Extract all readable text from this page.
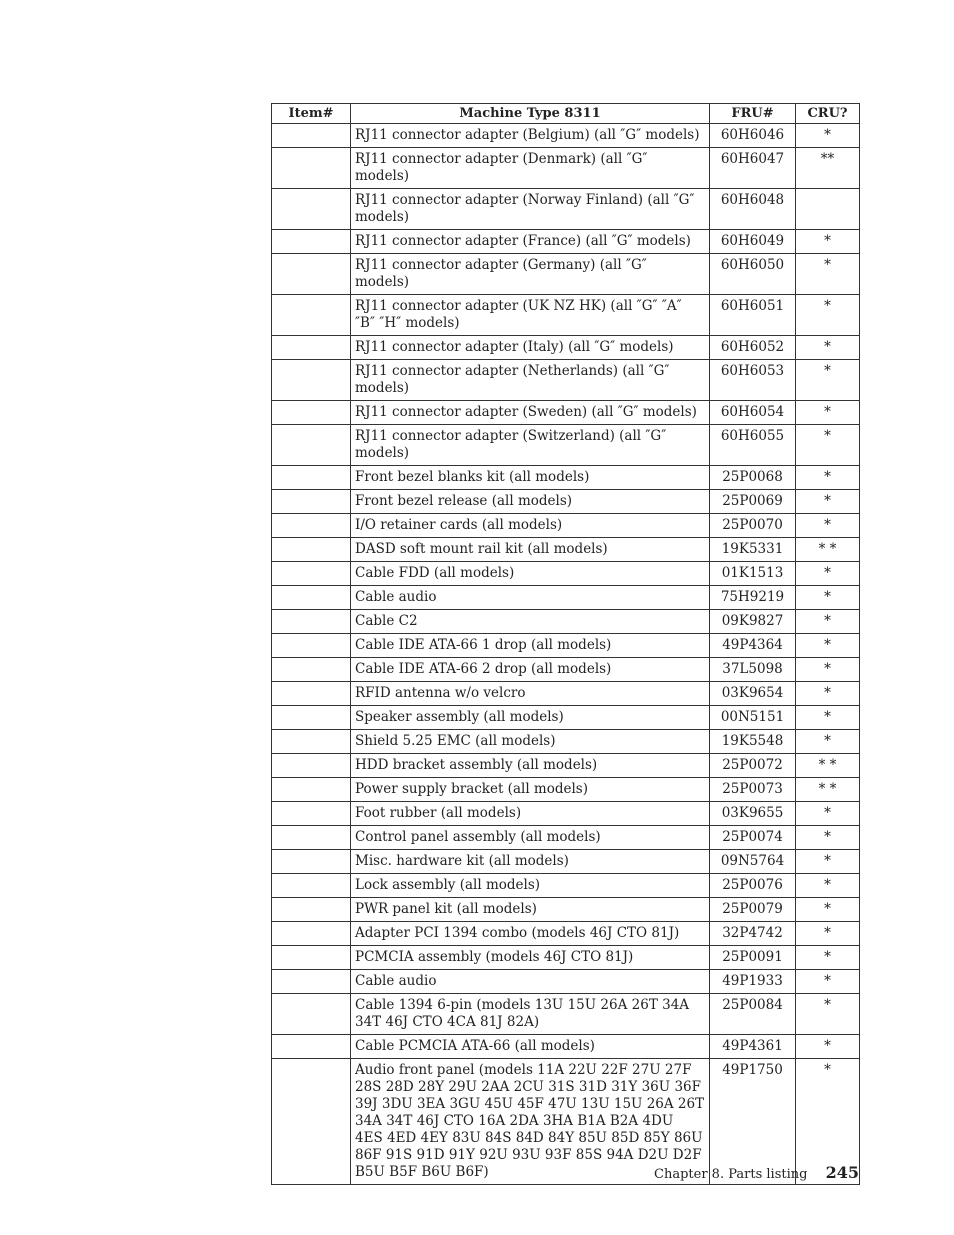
Item#	Machine Type 8311	FRU#	CRU?
	RJ11 connector adapter (Belgium) (all ″G″ models)	60H6046	*
	RJ11 connector adapter (Denmark) (all ″G″ models)	60H6047	**
	RJ11 connector adapter (Norway Finland) (all ″G″ models)	60H6048	
	RJ11 connector adapter (France) (all ″G″ models)	60H6049	*
	RJ11 connector adapter (Germany) (all ″G″ models)	60H6050	*
	RJ11 connector adapter (UK NZ HK) (all ″G″ ″A″ ″B″ ″H″ models)	60H6051	*
	RJ11 connector adapter (Italy) (all ″G″ models)	60H6052	*
	RJ11 connector adapter (Netherlands) (all ″G″ models)	60H6053	*
	RJ11 connector adapter (Sweden) (all ″G″ models)	60H6054	*
	RJ11 connector adapter (Switzerland) (all ″G″ models)	60H6055	*
	Front bezel blanks kit (all models)	25P0068	*
	Front bezel release (all models)	25P0069	*
	I/O retainer cards (all models)	25P0070	*
	DASD soft mount rail kit (all models)	19K5331	* *
	Cable FDD (all models)	01K1513	*
	Cable audio	75H9219	*
	Cable C2	09K9827	*
	Cable IDE ATA-66 1 drop (all models)	49P4364	*
	Cable IDE ATA-66 2 drop (all models)	37L5098	*
	RFID antenna w/o velcro	03K9654	*
	Speaker assembly (all models)	00N5151	*
	Shield 5.25 EMC (all models)	19K5548	*
	HDD bracket assembly (all models)	25P0072	* *
	Power supply bracket (all models)	25P0073	* *
	Foot rubber (all models)	03K9655	*
	Control panel assembly (all models)	25P0074	*
	Misc. hardware kit (all models)	09N5764	*
	Lock assembly (all models)	25P0076	*
	PWR panel kit (all models)	25P0079	*
	Adapter PCI 1394 combo (models 46J CTO 81J)	32P4742	*
	PCMCIA assembly (models 46J CTO 81J)	25P0091	*
	Cable audio	49P1933	*
	Cable 1394 6-pin (models 13U 15U 26A 26T 34A 34T 46J CTO 4CA 81J 82A)	25P0084	*
	Cable PCMCIA ATA-66 (all models)	49P4361	*
	Audio front panel (models 11A 22U 22F 27U 27F 28S 28D 28Y 29U 2AA 2CU 31S 31D 31Y 36U 36F 39J 3DU 3EA 3GU 45U 45F 47U 13U 15U 26A 26T 34A 34T 46J CTO 16A 2DA 3HA B1A B2A 4DU 4ES 4ED 4EY 83U 84S 84D 84Y 85U 85D 85Y 86U 86F 91S 91D 91Y 92U 93U 93F 85S 94A D2U D2F B5U B5F B6U B6F)	49P1750	*
Chapter 8. Parts listing 245
